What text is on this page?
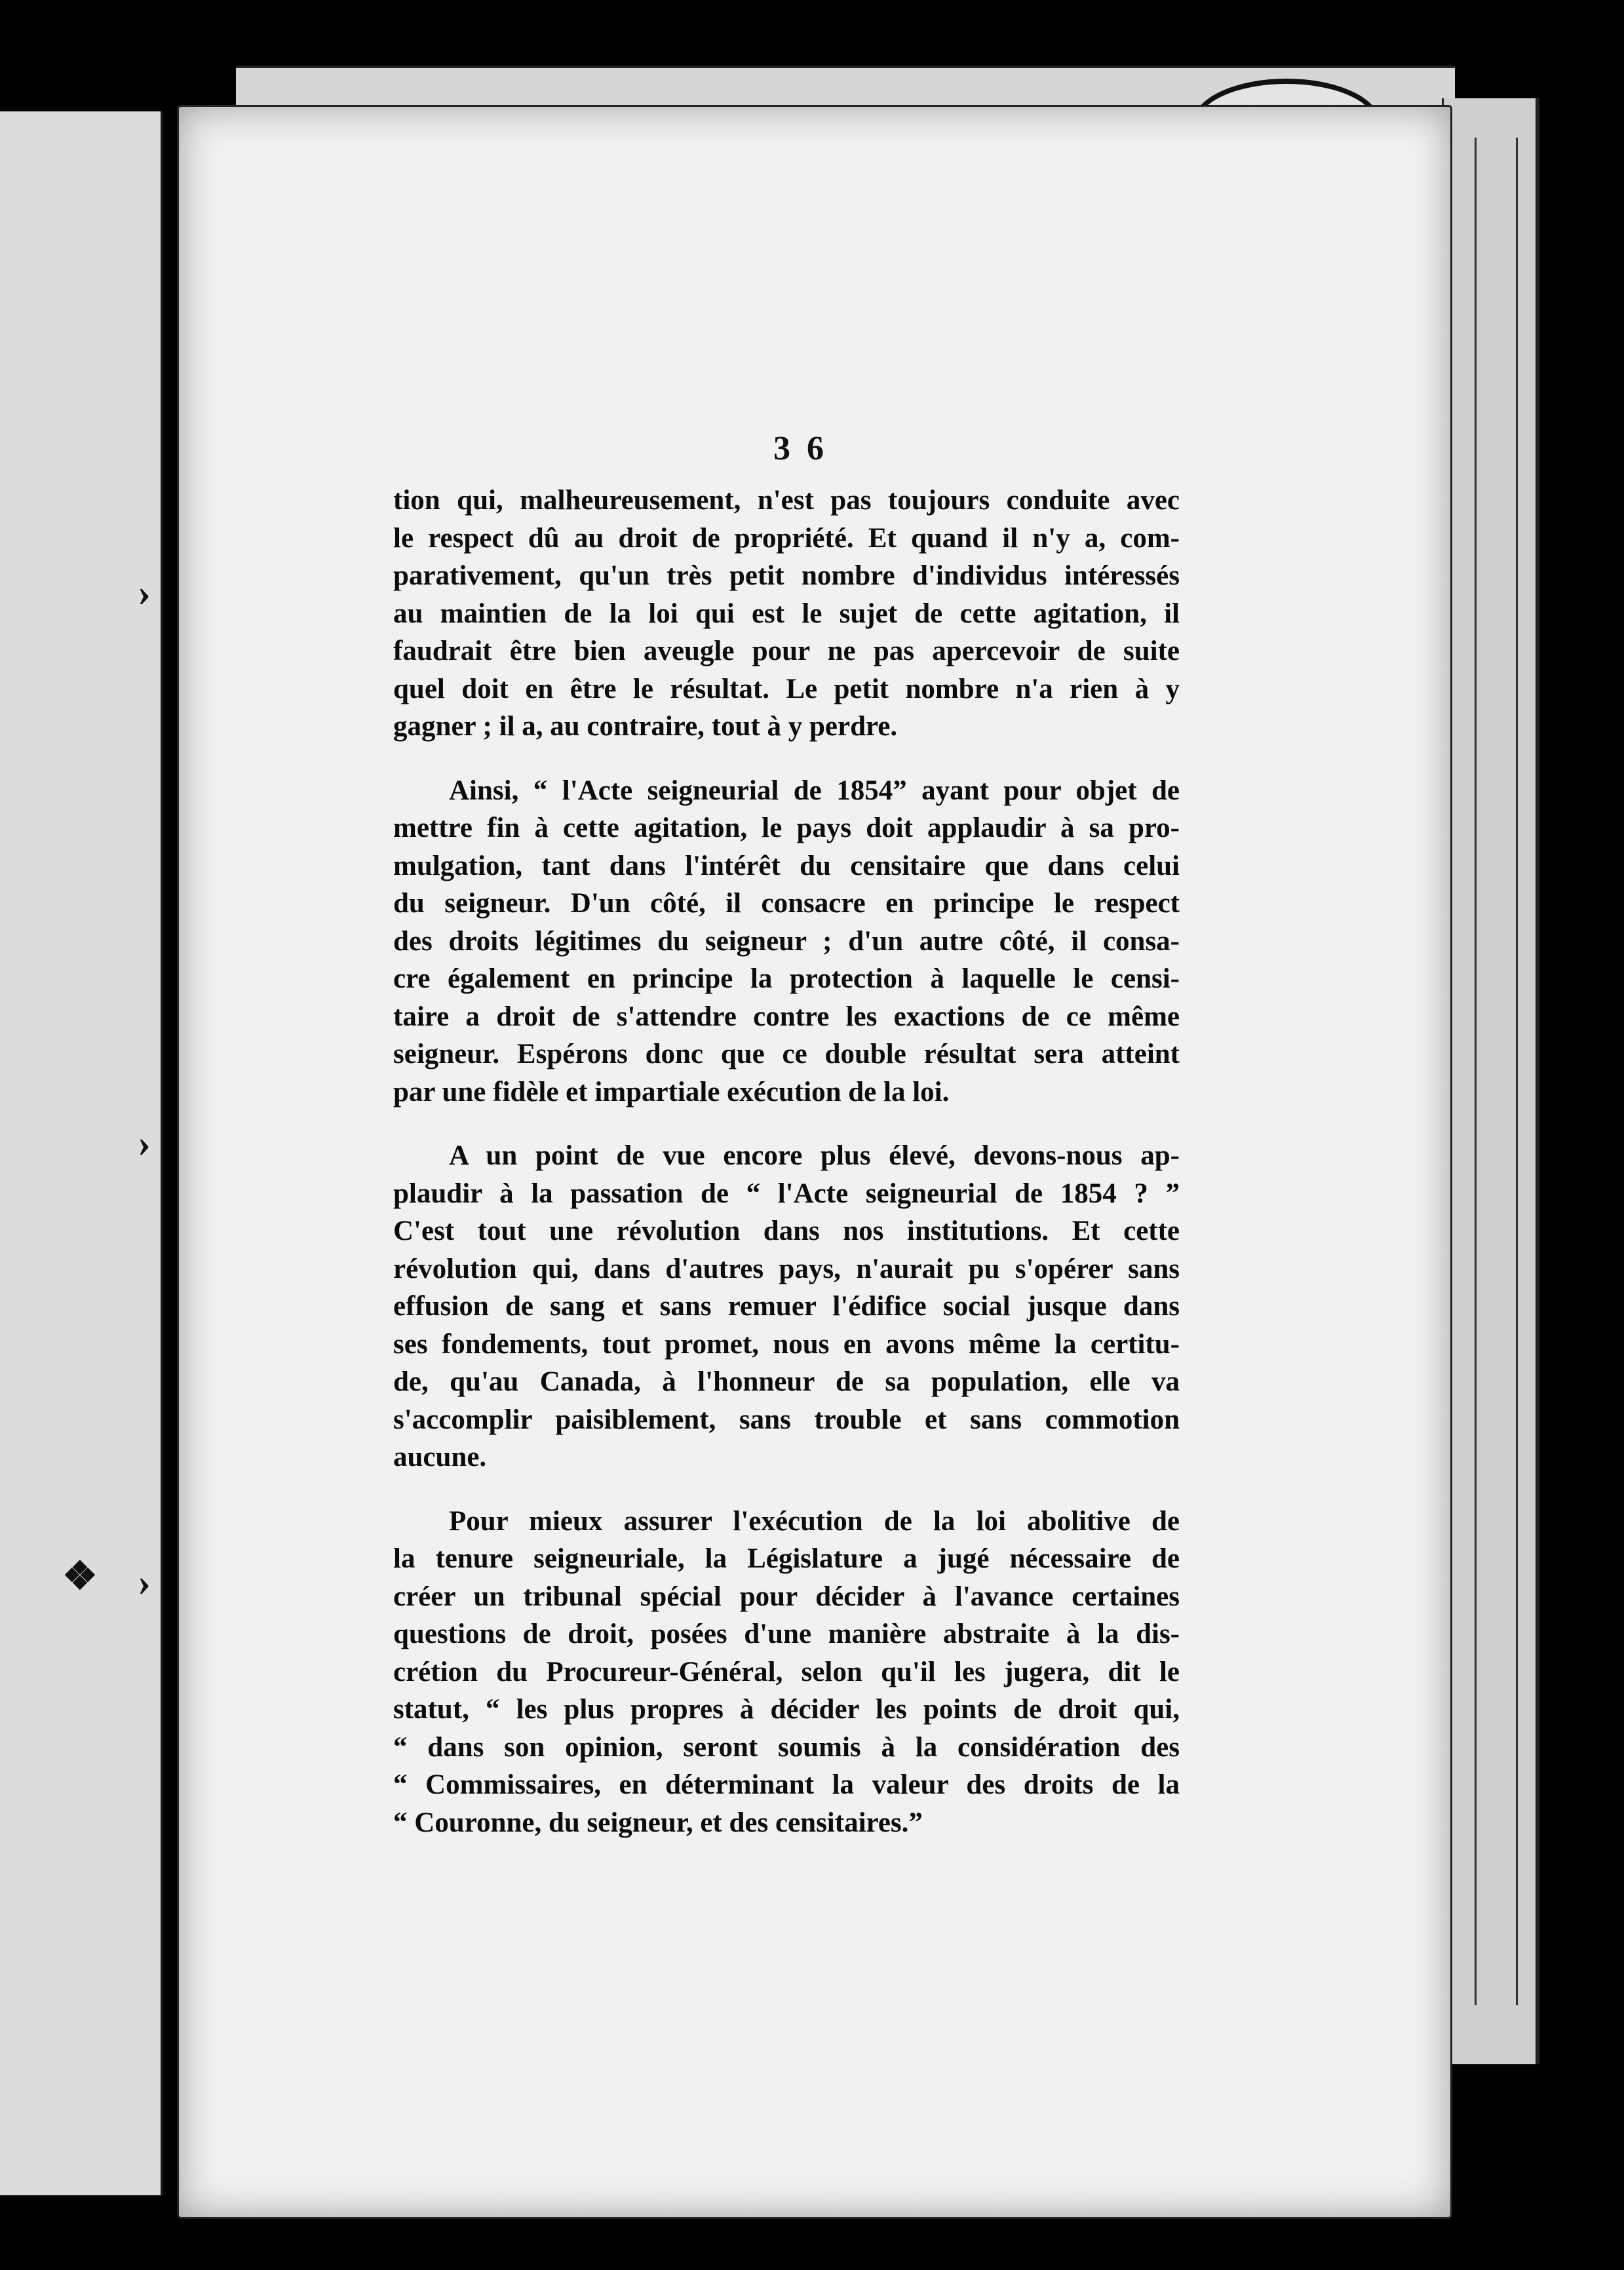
›
›
❖ ›
3 6
tion qui, malheureusement, n'est pas toujours conduite avec
le respect dû au droit de propriété. Et quand il n'y a, com-
parativement, qu'un très petit nombre d'individus intéressés
au maintien de la loi qui est le sujet de cette agitation, il
faudrait être bien aveugle pour ne pas apercevoir de suite
quel doit en être le résultat. Le petit nombre n'a rien à y
gagner ; il a, au contraire, tout à y perdre.
Ainsi, “ l'Acte seigneurial de 1854” ayant pour objet de
mettre fin à cette agitation, le pays doit applaudir à sa pro-
mulgation, tant dans l'intérêt du censitaire que dans celui
du seigneur. D'un côté, il consacre en principe le respect
des droits légitimes du seigneur ; d'un autre côté, il consa-
cre également en principe la protection à laquelle le censi-
taire a droit de s'attendre contre les exactions de ce même
seigneur. Espérons donc que ce double résultat sera atteint
par une fidèle et impartiale exécution de la loi.
A un point de vue encore plus élevé, devons-nous ap-
plaudir à la passation de “ l'Acte seigneurial de 1854 ? ”
C'est tout une révolution dans nos institutions. Et cette
révolution qui, dans d'autres pays, n'aurait pu s'opérer sans
effusion de sang et sans remuer l'édifice social jusque dans
ses fondements, tout promet, nous en avons même la certitu-
de, qu'au Canada, à l'honneur de sa population, elle va
s'accomplir paisiblement, sans trouble et sans commotion
aucune.
Pour mieux assurer l'exécution de la loi abolitive de
la tenure seigneuriale, la Législature a jugé nécessaire de
créer un tribunal spécial pour décider à l'avance certaines
questions de droit, posées d'une manière abstraite à la dis-
crétion du Procureur-Général, selon qu'il les jugera, dit le
statut, “ les plus propres à décider les points de droit qui,
“ dans son opinion, seront soumis à la considération des
“ Commissaires, en déterminant la valeur des droits de la
“ Couronne, du seigneur, et des censitaires.”
